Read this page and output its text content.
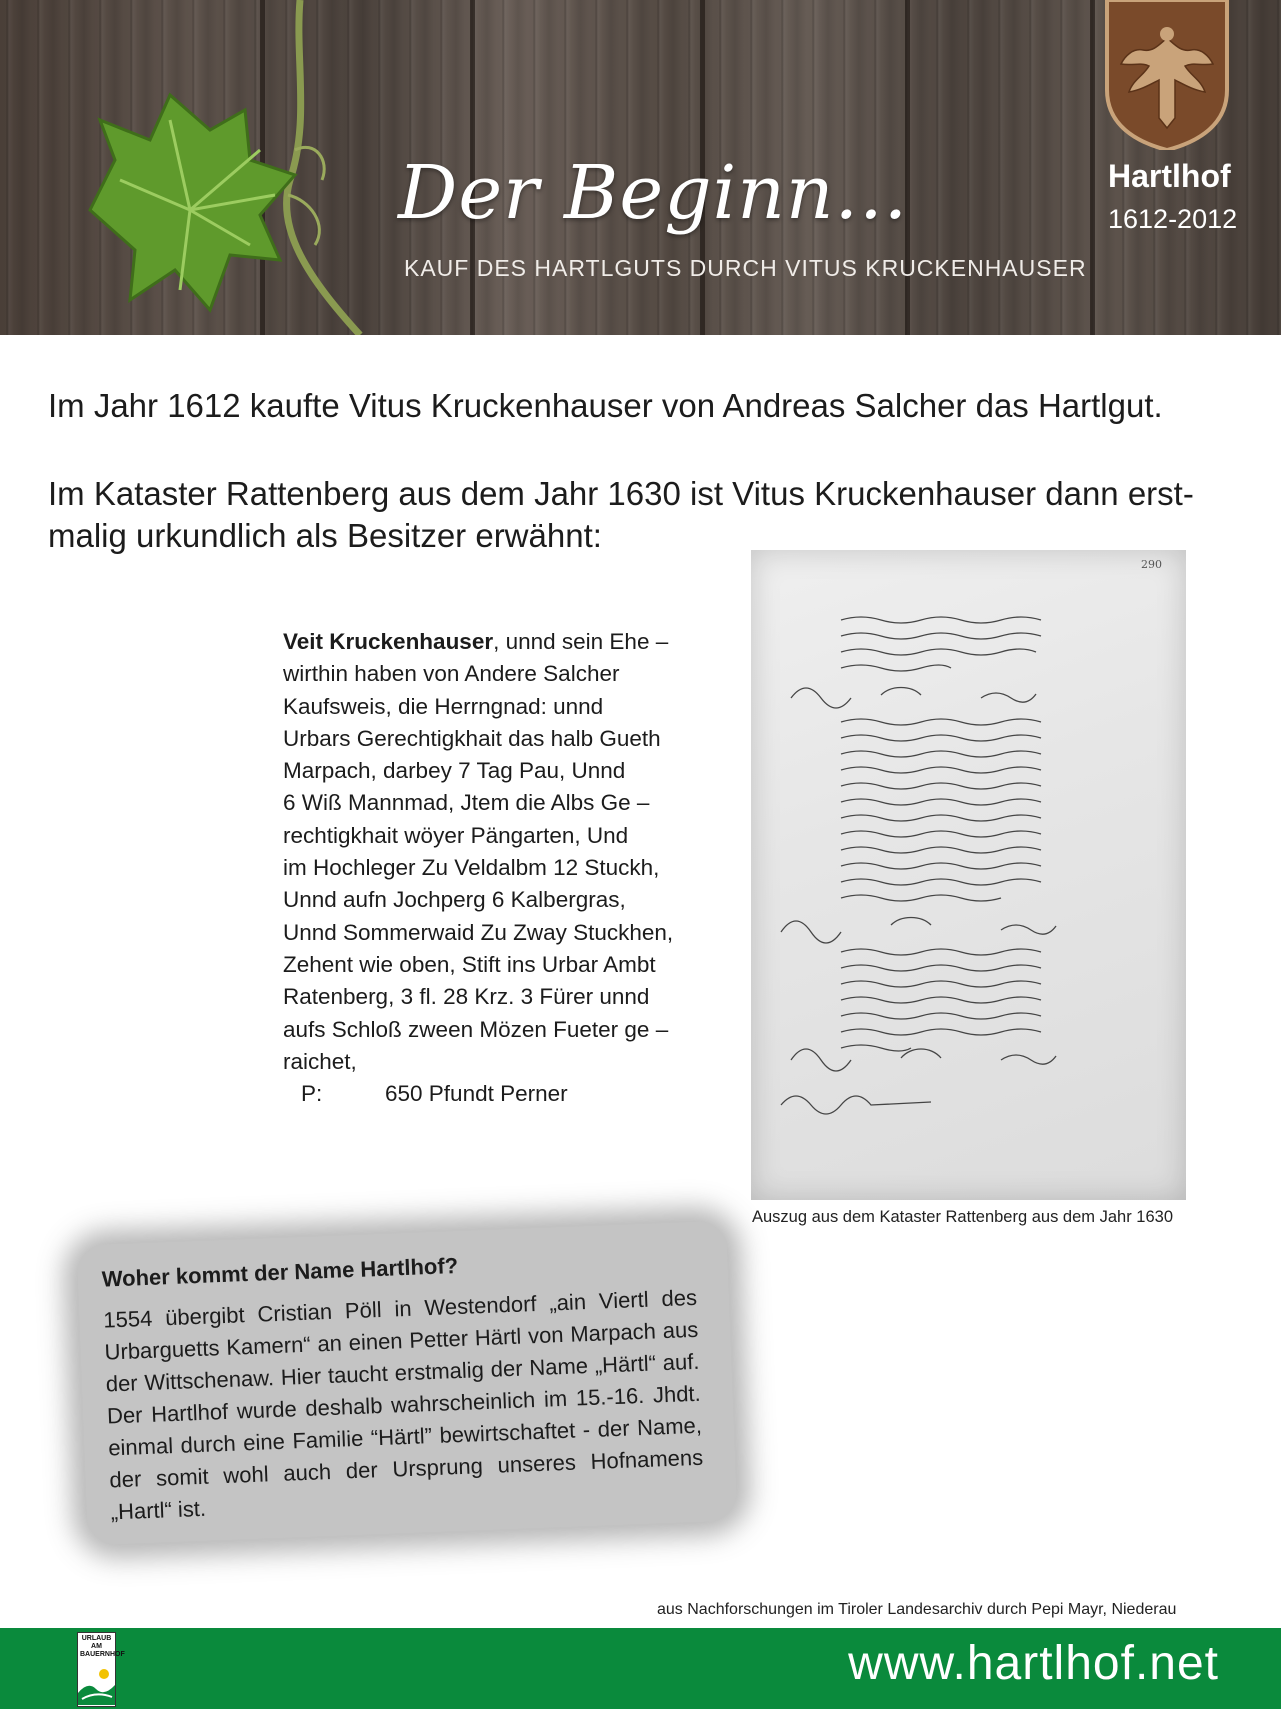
Der Beginn...
KAUF DES HARTLGUTS DURCH VITUS KRUCKENHAUSER
Hartlhof
1612-2012

Im Jahr 1612 kaufte Vitus Kruckenhauser von Andreas Salcher das Hartlgut.

Im Kataster Rattenberg aus dem Jahr 1630 ist Vitus Kruckenhauser dann erst-malig urkundlich als Besitzer erwähnt:

Veit Kruckenhauser, unnd sein Ehe –
wirthin haben von Andere Salcher
Kaufsweis, die Herrngnad: unnd
Urbars Gerechtigkhait das halb Gueth
Marpach, darbey 7 Tag Pau, Unnd
6 Wiß Mannmad, Jtem die Albs Ge –
rechtigkhait wöyer Pängarten, Und
im Hochleger Zu Veldalbm 12 Stuckh,
Unnd aufn Jochperg 6 Kalbergras,
Unnd Sommerwaid Zu Zway Stuckhen,
Zehent wie oben, Stift ins Urbar Ambt
Ratenberg, 3 fl. 28 Krz. 3 Fürer unnd
aufs Schloß zween Mözen Fueter ge –
raichet,
P:	650 Pfundt Perner
290
Auszug aus dem Kataster Rattenberg aus dem Jahr 1630
Woher kommt der Name Hartlhof?

1554 übergibt Cristian Pöll in Westendorf „ain Viertl des Urbarguetts Kamern“ an einen Petter Härtl von Marpach aus der Wittschenaw. Hier taucht erstmalig der Name „Härtl“ auf. Der Hartlhof wurde deshalb wahrscheinlich im 15.-16. Jhdt. einmal durch eine Familie “Härtl” bewirtschaftet - der Name, der somit wohl auch der Ursprung unseres Hofnamens „Hartl“ ist.

aus Nachforschungen im Tiroler Landesarchiv durch Pepi Mayr, Niederau
URLAUB AM BAUERNHOF	www.hartlhof.net
